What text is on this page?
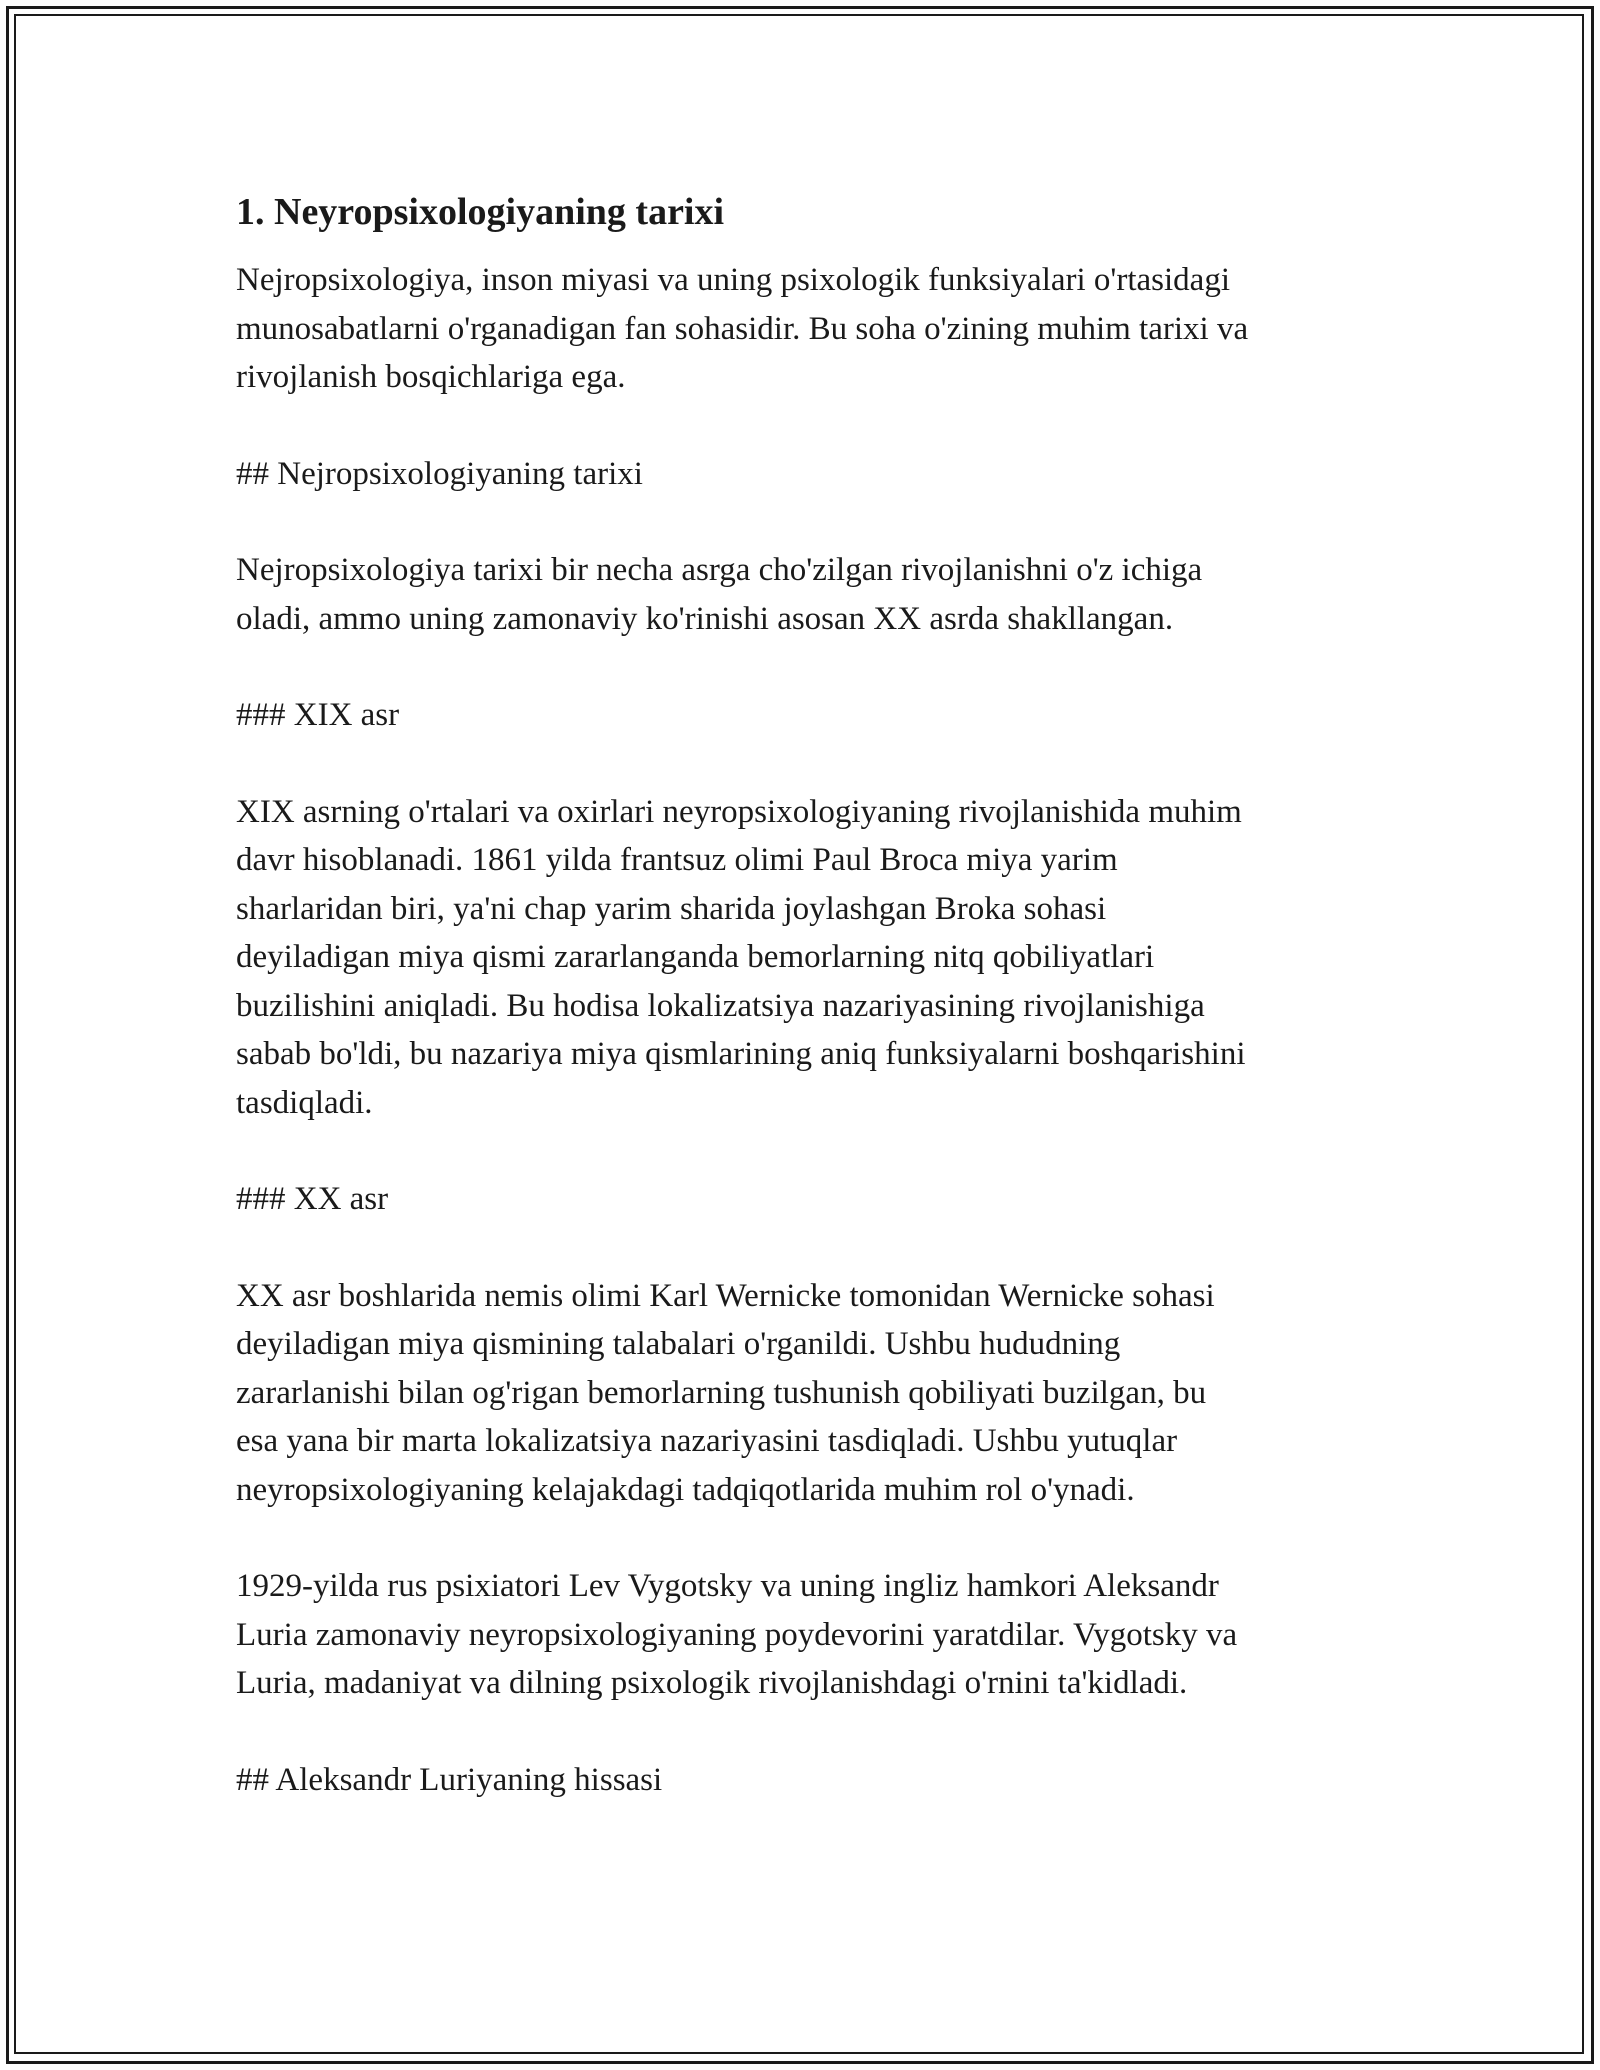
1. Neyropsixologiyaning tarixi
Nejropsixologiya, inson miyasi va uning psixologik funksiyalari o'rtasidagi
munosabatlarni o'rganadigan fan sohasidir. Bu soha o'zining muhim tarixi va
rivojlanish bosqichlariga ega.
## Nejropsixologiyaning tarixi
Nejropsixologiya tarixi bir necha asrga cho'zilgan rivojlanishni o'z ichiga
oladi, ammo uning zamonaviy ko'rinishi asosan XX asrda shakllangan.
### XIX asr
XIX asrning o'rtalari va oxirlari neyropsixologiyaning rivojlanishida muhim
davr hisoblanadi. 1861 yilda frantsuz olimi Paul Broca miya yarim
sharlaridan biri, ya'ni chap yarim sharida joylashgan Broka sohasi
deyiladigan miya qismi zararlanganda bemorlarning nitq qobiliyatlari
buzilishini aniqladi. Bu hodisa lokalizatsiya nazariyasining rivojlanishiga
sabab bo'ldi, bu nazariya miya qismlarining aniq funksiyalarni boshqarishini
tasdiqladi.
### XX asr
XX asr boshlarida nemis olimi Karl Wernicke tomonidan Wernicke sohasi
deyiladigan miya qismining talabalari o'rganildi. Ushbu hududning
zararlanishi bilan og'rigan bemorlarning tushunish qobiliyati buzilgan, bu
esa yana bir marta lokalizatsiya nazariyasini tasdiqladi. Ushbu yutuqlar
neyropsixologiyaning kelajakdagi tadqiqotlarida muhim rol o'ynadi.
1929-yilda rus psixiatori Lev Vygotsky va uning ingliz hamkori Aleksandr
Luria zamonaviy neyropsixologiyaning poydevorini yaratdilar. Vygotsky va
Luria, madaniyat va dilning psixologik rivojlanishdagi o'rnini ta'kidladi.
## Aleksandr Luriyaning hissasi
